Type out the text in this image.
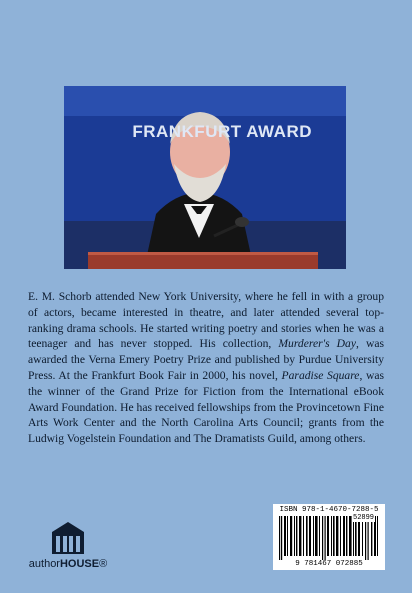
FRANKFURT AWARD
E. M. Schorb attended New York University, where he fell in with a group of actors, became interested in theatre, and later attended several top-ranking drama schools. He started writing poetry and stories when he was a teenager and has never stopped. His collection, Murderer's Day, was awarded the Verna Emery Poetry Prize and published by Purdue University Press. At the Frankfurt Book Fair in 2000, his novel, Paradise Square, was the winner of the Grand Prize for Fiction from the International eBook Award Foundation. He has received fellowships from the Provincetown Fine Arts Work Center and the North Carolina Arts Council; grants from the Ludwig Vogelstein Foundation and The Dramatists Guild, among others.
authorHOUSE®
ISBN 978-1-4670-7288-5
9 781467 072885
52899
